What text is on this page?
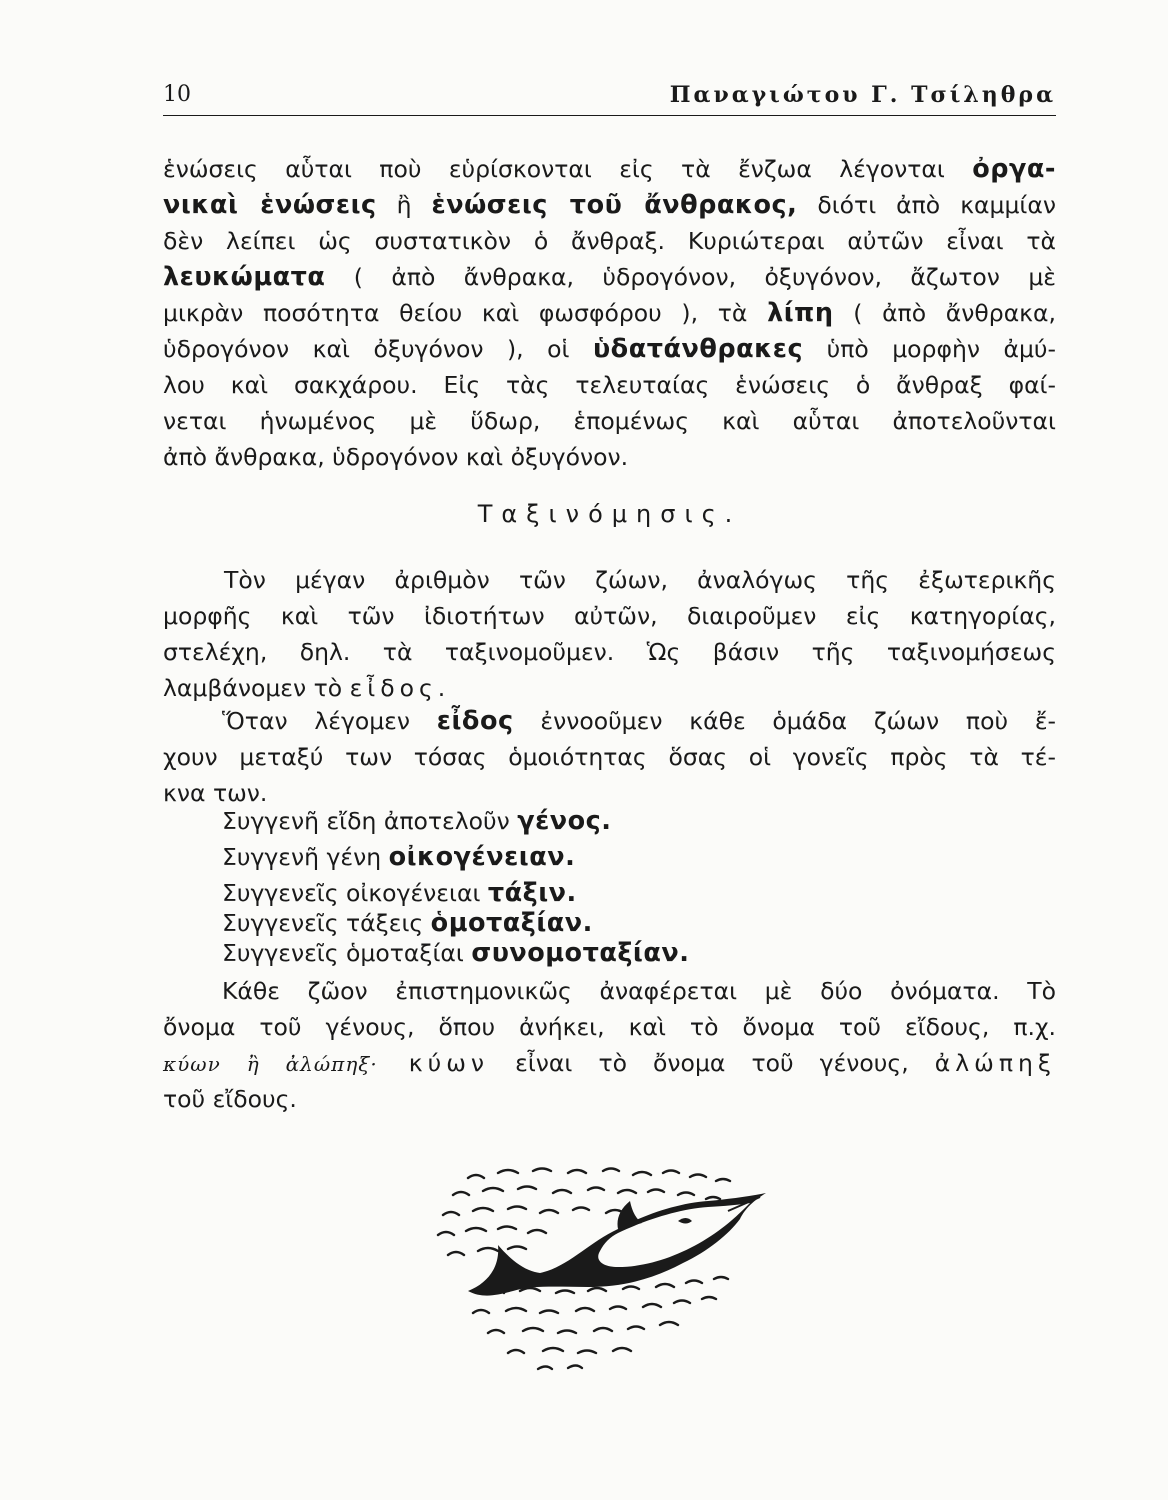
10	Παναγιώτου Γ. Τσίληθρα
ἑνώσεις αὗται ποὺ εὑρίσκονται εἰς τὰ ἔνζωα λέγονται ὀργα-
νικαὶ ἑνώσεις ἢ ἑνώσεις τοῦ ἄνθρακος, διότι ἀπὸ καμμίαν
δὲν λείπει ὡς συστατικὸν ὁ ἄνθραξ. Κυριώτεραι αὐτῶν εἶναι τὰ
λευκώματα ( ἀπὸ ἄνθρακα, ὑδρογόνον, ὀξυγόνον, ἄζωτον μὲ
μικρὰν ποσότητα θείου καὶ φωσφόρου ), τὰ λίπη ( ἀπὸ ἄνθρακα,
ὑδρογόνον καὶ ὀξυγόνον ), οἱ ὑδατάνθρακες ὑπὸ μορφὴν ἀμύ-
λου καὶ σακχάρου. Εἰς τὰς τελευταίας ἑνώσεις ὁ ἄνθραξ φαί-
νεται ἡνωμένος μὲ ὕδωρ, ἑπομένως καὶ αὗται ἀποτελοῦνται
ἀπὸ ἄνθρακα, ὑδρογόνον καὶ ὀξυγόνον.
Ταξινόμησις.
Τὸν μέγαν ἀριθμὸν τῶν ζώων, ἀναλόγως τῆς ἐξωτερικῆς
μορφῆς καὶ τῶν ἰδιοτήτων αὐτῶν, διαιροῦμεν εἰς κατηγορίας,
στελέχη, δηλ. τὰ ταξινομοῦμεν. Ὡς βάσιν τῆς ταξινομήσεως
λαμβάνομεν τὸ εἶδος.
Ὅταν λέγομεν εἶδος ἐννοοῦμεν κάθε ὁμάδα ζώων ποὺ ἔ-
χουν μεταξύ των τόσας ὁμοιότητας ὅσας οἱ γονεῖς πρὸς τὰ τέ-
κνα των.
Συγγενῆ εἴδη ἀποτελοῦν γένος.
Συγγενῆ γένη οἰκογένειαν.
Συγγενεῖς οἰκογένειαι τάξιν.
Συγγενεῖς τάξεις ὁμοταξίαν.
Συγγενεῖς ὁμοταξίαι συνομοταξίαν.
Κάθε ζῶον ἐπιστημονικῶς ἀναφέρεται μὲ δύο ὀνόματα. Τὸ
ὄνομα τοῦ γένους, ὅπου ἀνήκει, καὶ τὸ ὄνομα τοῦ εἴδους, π.χ.
κύων ἢ ἀλώπηξ· κύων εἶναι τὸ ὄνομα τοῦ γένους, ἀλώπηξ
τοῦ εἴδους.
